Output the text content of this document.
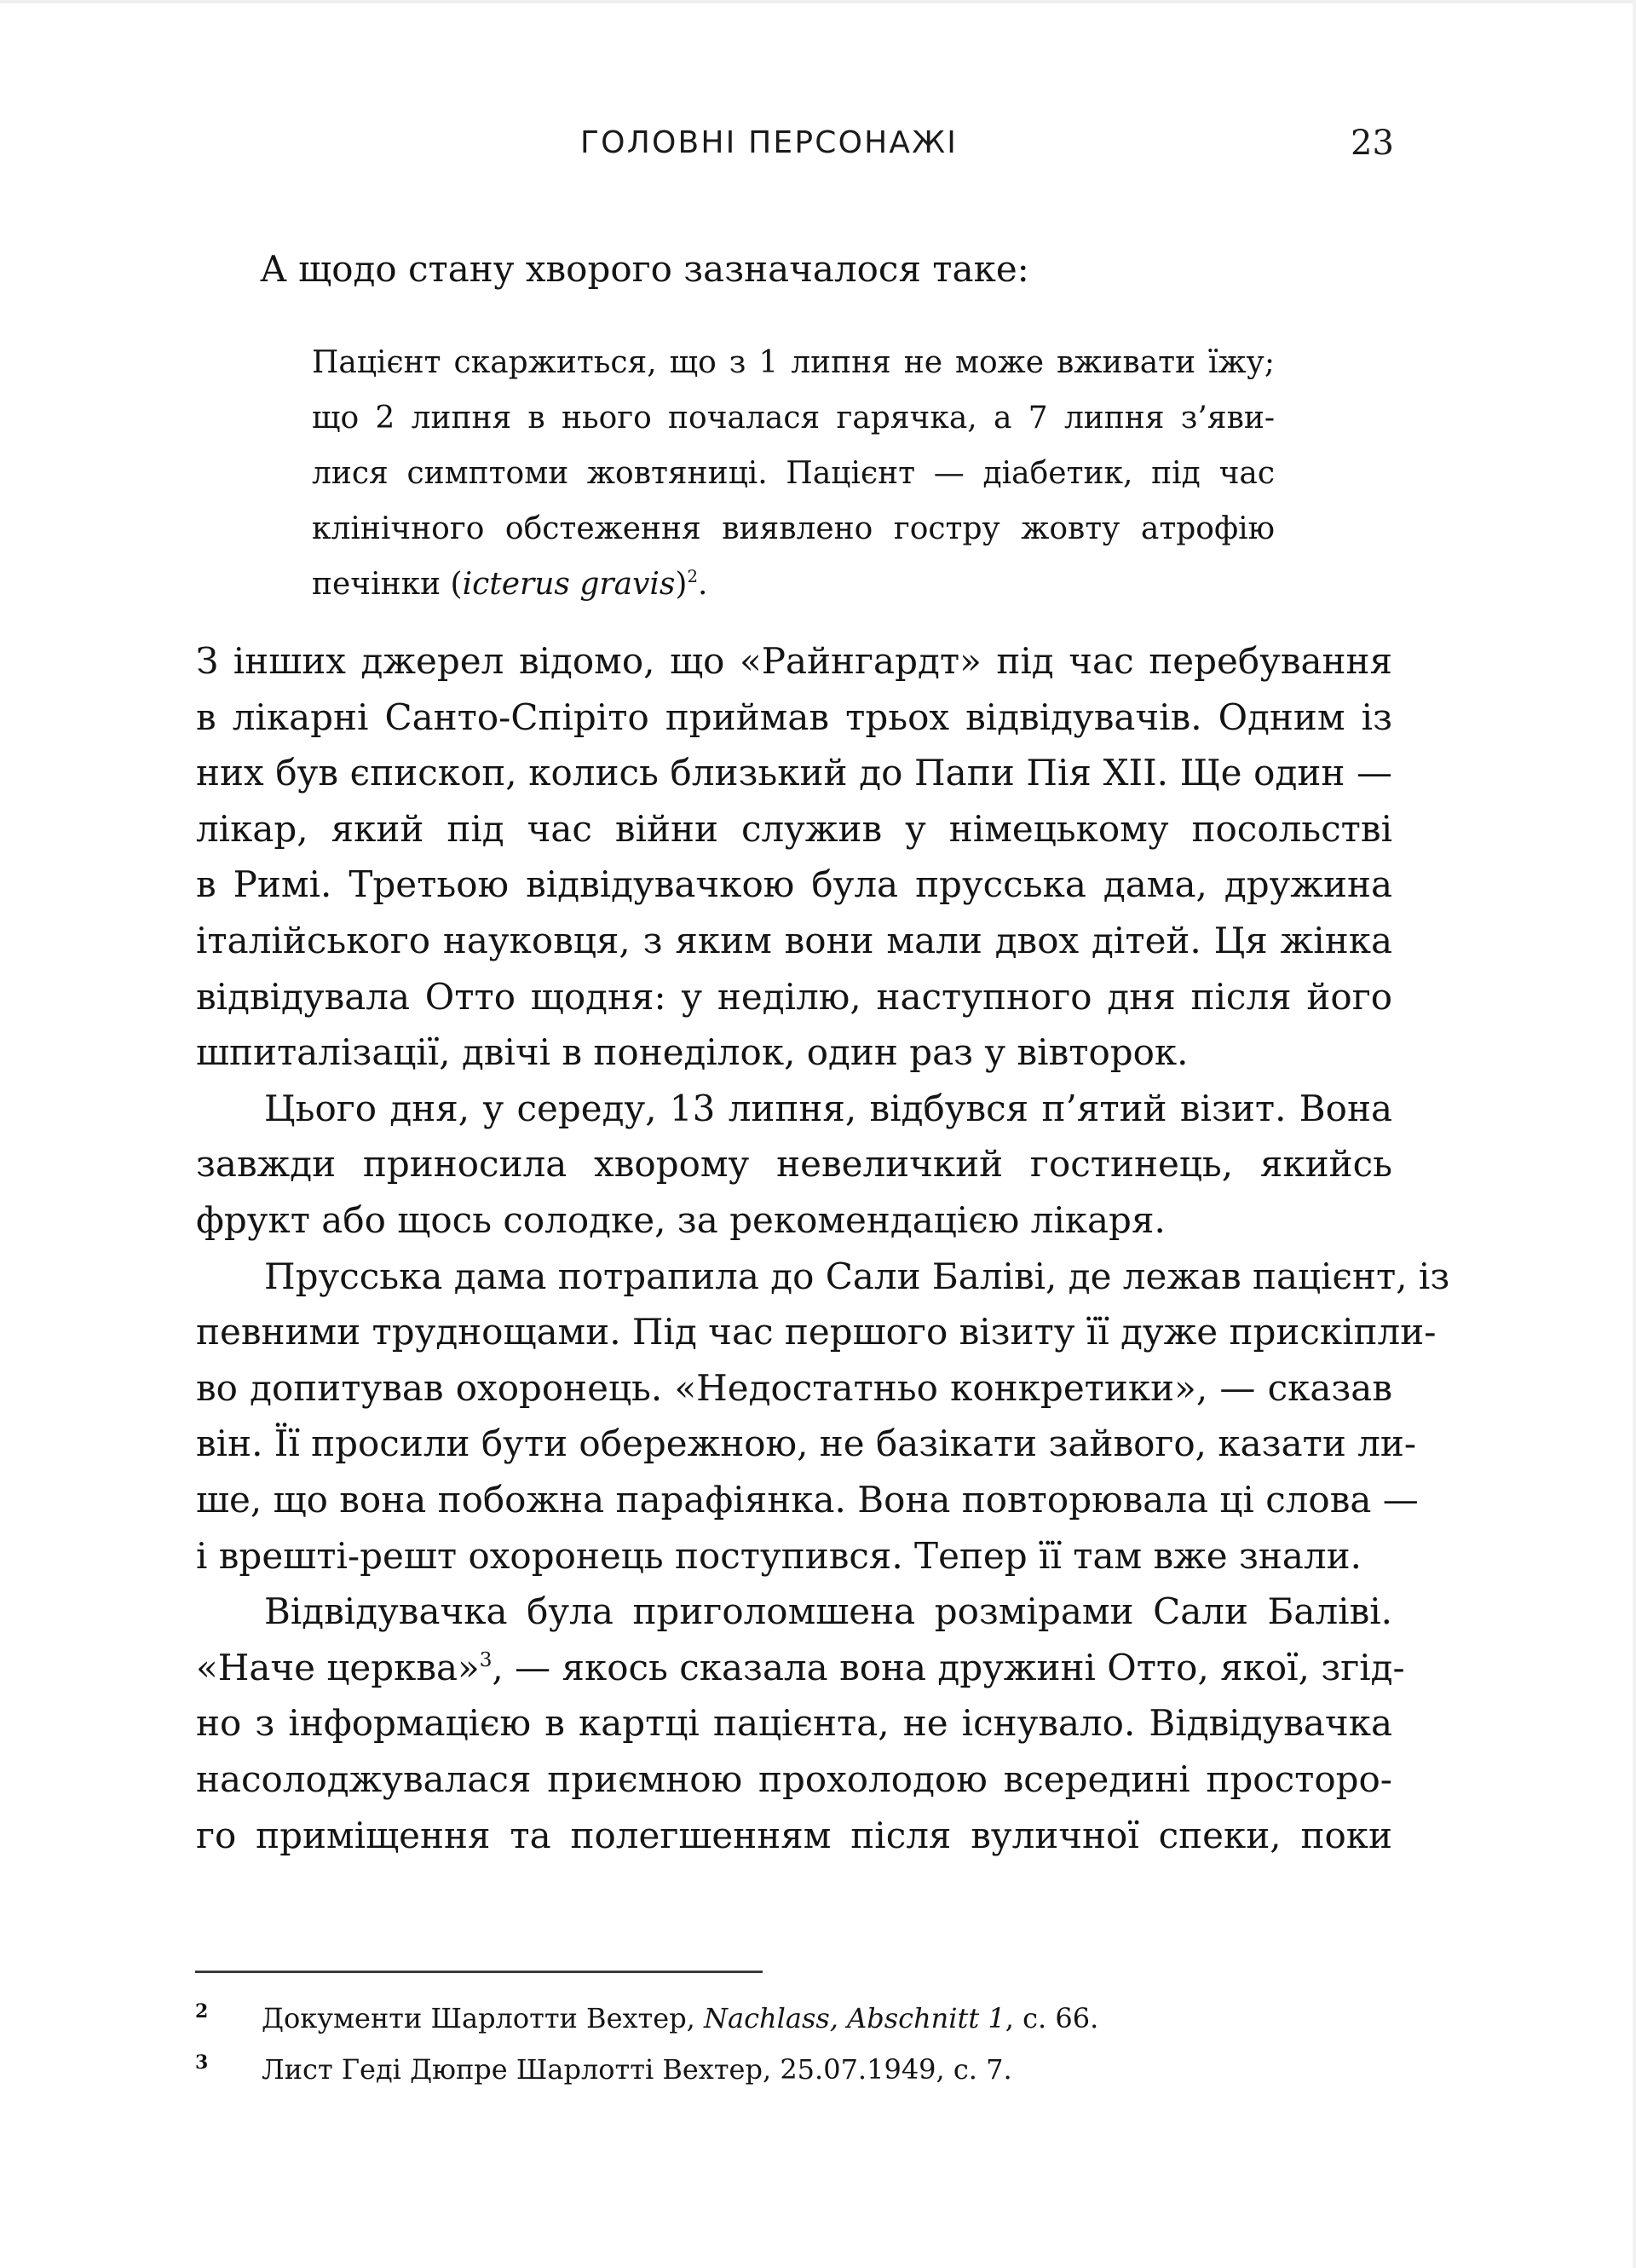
ГОЛОВНІ ПЕРСОНАЖІ	23
А щодо стану хворого зазначалося таке:
Пацієнт скаржиться, що з 1 липня не може вживати їжу;
що 2 липня в нього почалася гарячка, а 7 липня з’яви-
лися симптоми жовтяниці. Пацієнт — діабетик, під час
клінічного обстеження виявлено гостру жовту атрофію
печінки (icterus gravis)$^2$.
З інших джерел відомо, що «Райнгардт» під час перебування
в лікарні Санто-Спіріто приймав трьох відвідувачів. Одним із
них був єпископ, колись близький до Папи Пія XII. Ще один —
лікар, який під час війни служив у німецькому посольстві
в Римі. Третьою відвідувачкою була прусська дама, дружина
італійського науковця, з яким вони мали двох дітей. Ця жінка
відвідувала Отто щодня: у неділю, наступного дня після його
шпиталізації, двічі в понеділок, один раз у вівторок.
Цього дня, у середу, 13 липня, відбувся п’ятий візит. Вона
завжди приносила хворому невеличкий гостинець, якийсь
фрукт або щось солодке, за рекомендацією лікаря.
Прусська дама потрапила до Сали Баліві, де лежав пацієнт, із
певними труднощами. Під час першого візиту її дуже прискіпли-
во допитував охоронець. «Недостатньо конкретики», — сказав
він. Її просили бути обережною, не базікати зайвого, казати ли-
ше, що вона побожна парафіянка. Вона повторювала ці слова —
і врешті-решт охоронець поступився. Тепер її там вже знали.
Відвідувачка була приголомшена розмірами Сали Баліві.
«Наче церква»$^3$, — якось сказала вона дружині Отто, якої, згід-
но з інформацією в картці пацієнта, не існувало. Відвідувачка
насолоджувалася приємною прохолодою всередині просторо-
го приміщення та полегшенням після вуличної спеки, поки
2 Документи Шарлотти Вехтер, Nachlass, Abschnitt 1, с. 66.
3 Лист Геді Дюпре Шарлотті Вехтер, 25.07.1949, с. 7.
